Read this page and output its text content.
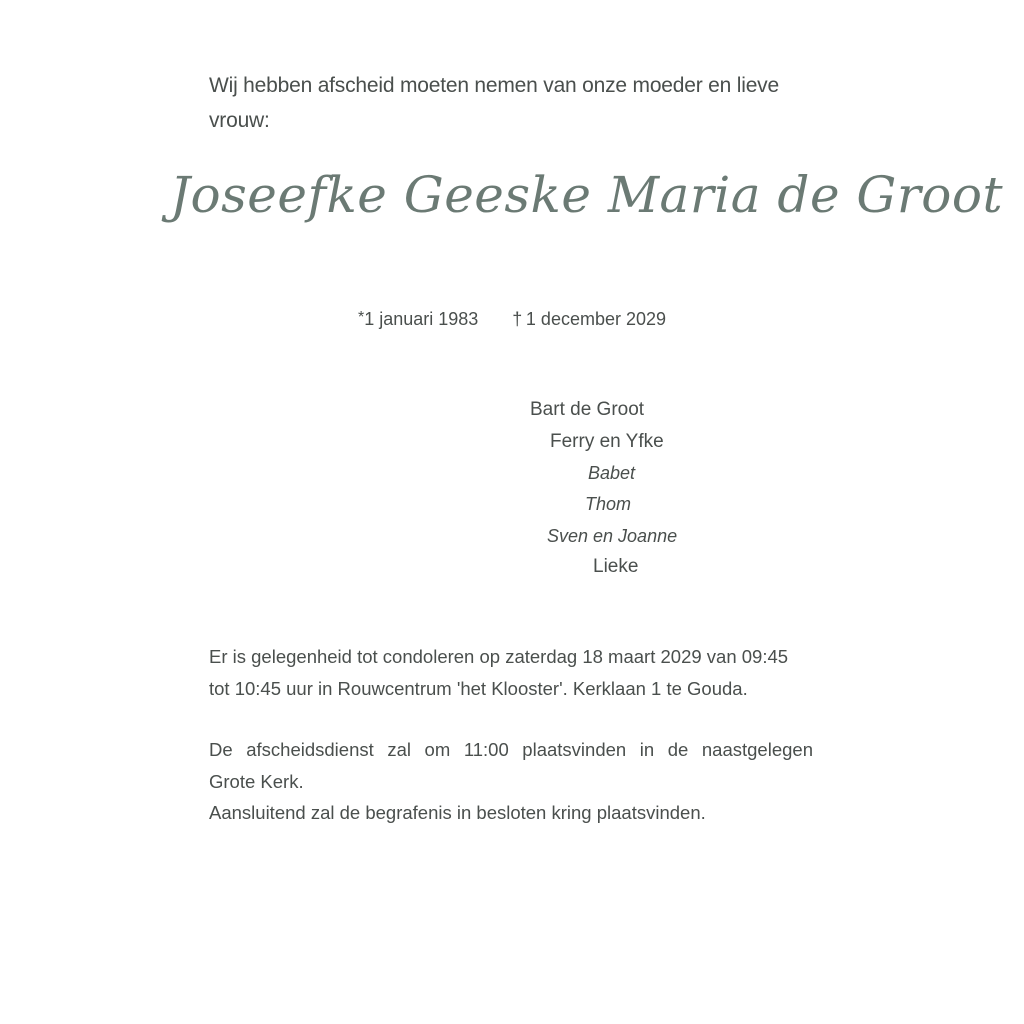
Wij hebben afscheid moeten nemen van onze moeder en lieve vrouw:
Joseefke Geeske Maria de Groot
*1 januari 1983 †  1 december 2029
Bart de Groot
Ferry en Yfke
Babet
Thom
Sven en Joanne
Lieke
Er is gelegenheid tot condoleren op zaterdag 18 maart 2029 van 09:45 tot 10:45 uur in Rouwcentrum 'het Klooster'. Kerklaan 1 te Gouda.
De afscheidsdienst zal om 11:00 plaatsvinden in de naastgelegen
Grote Kerk.
Aansluitend zal de begrafenis in besloten kring plaatsvinden.
